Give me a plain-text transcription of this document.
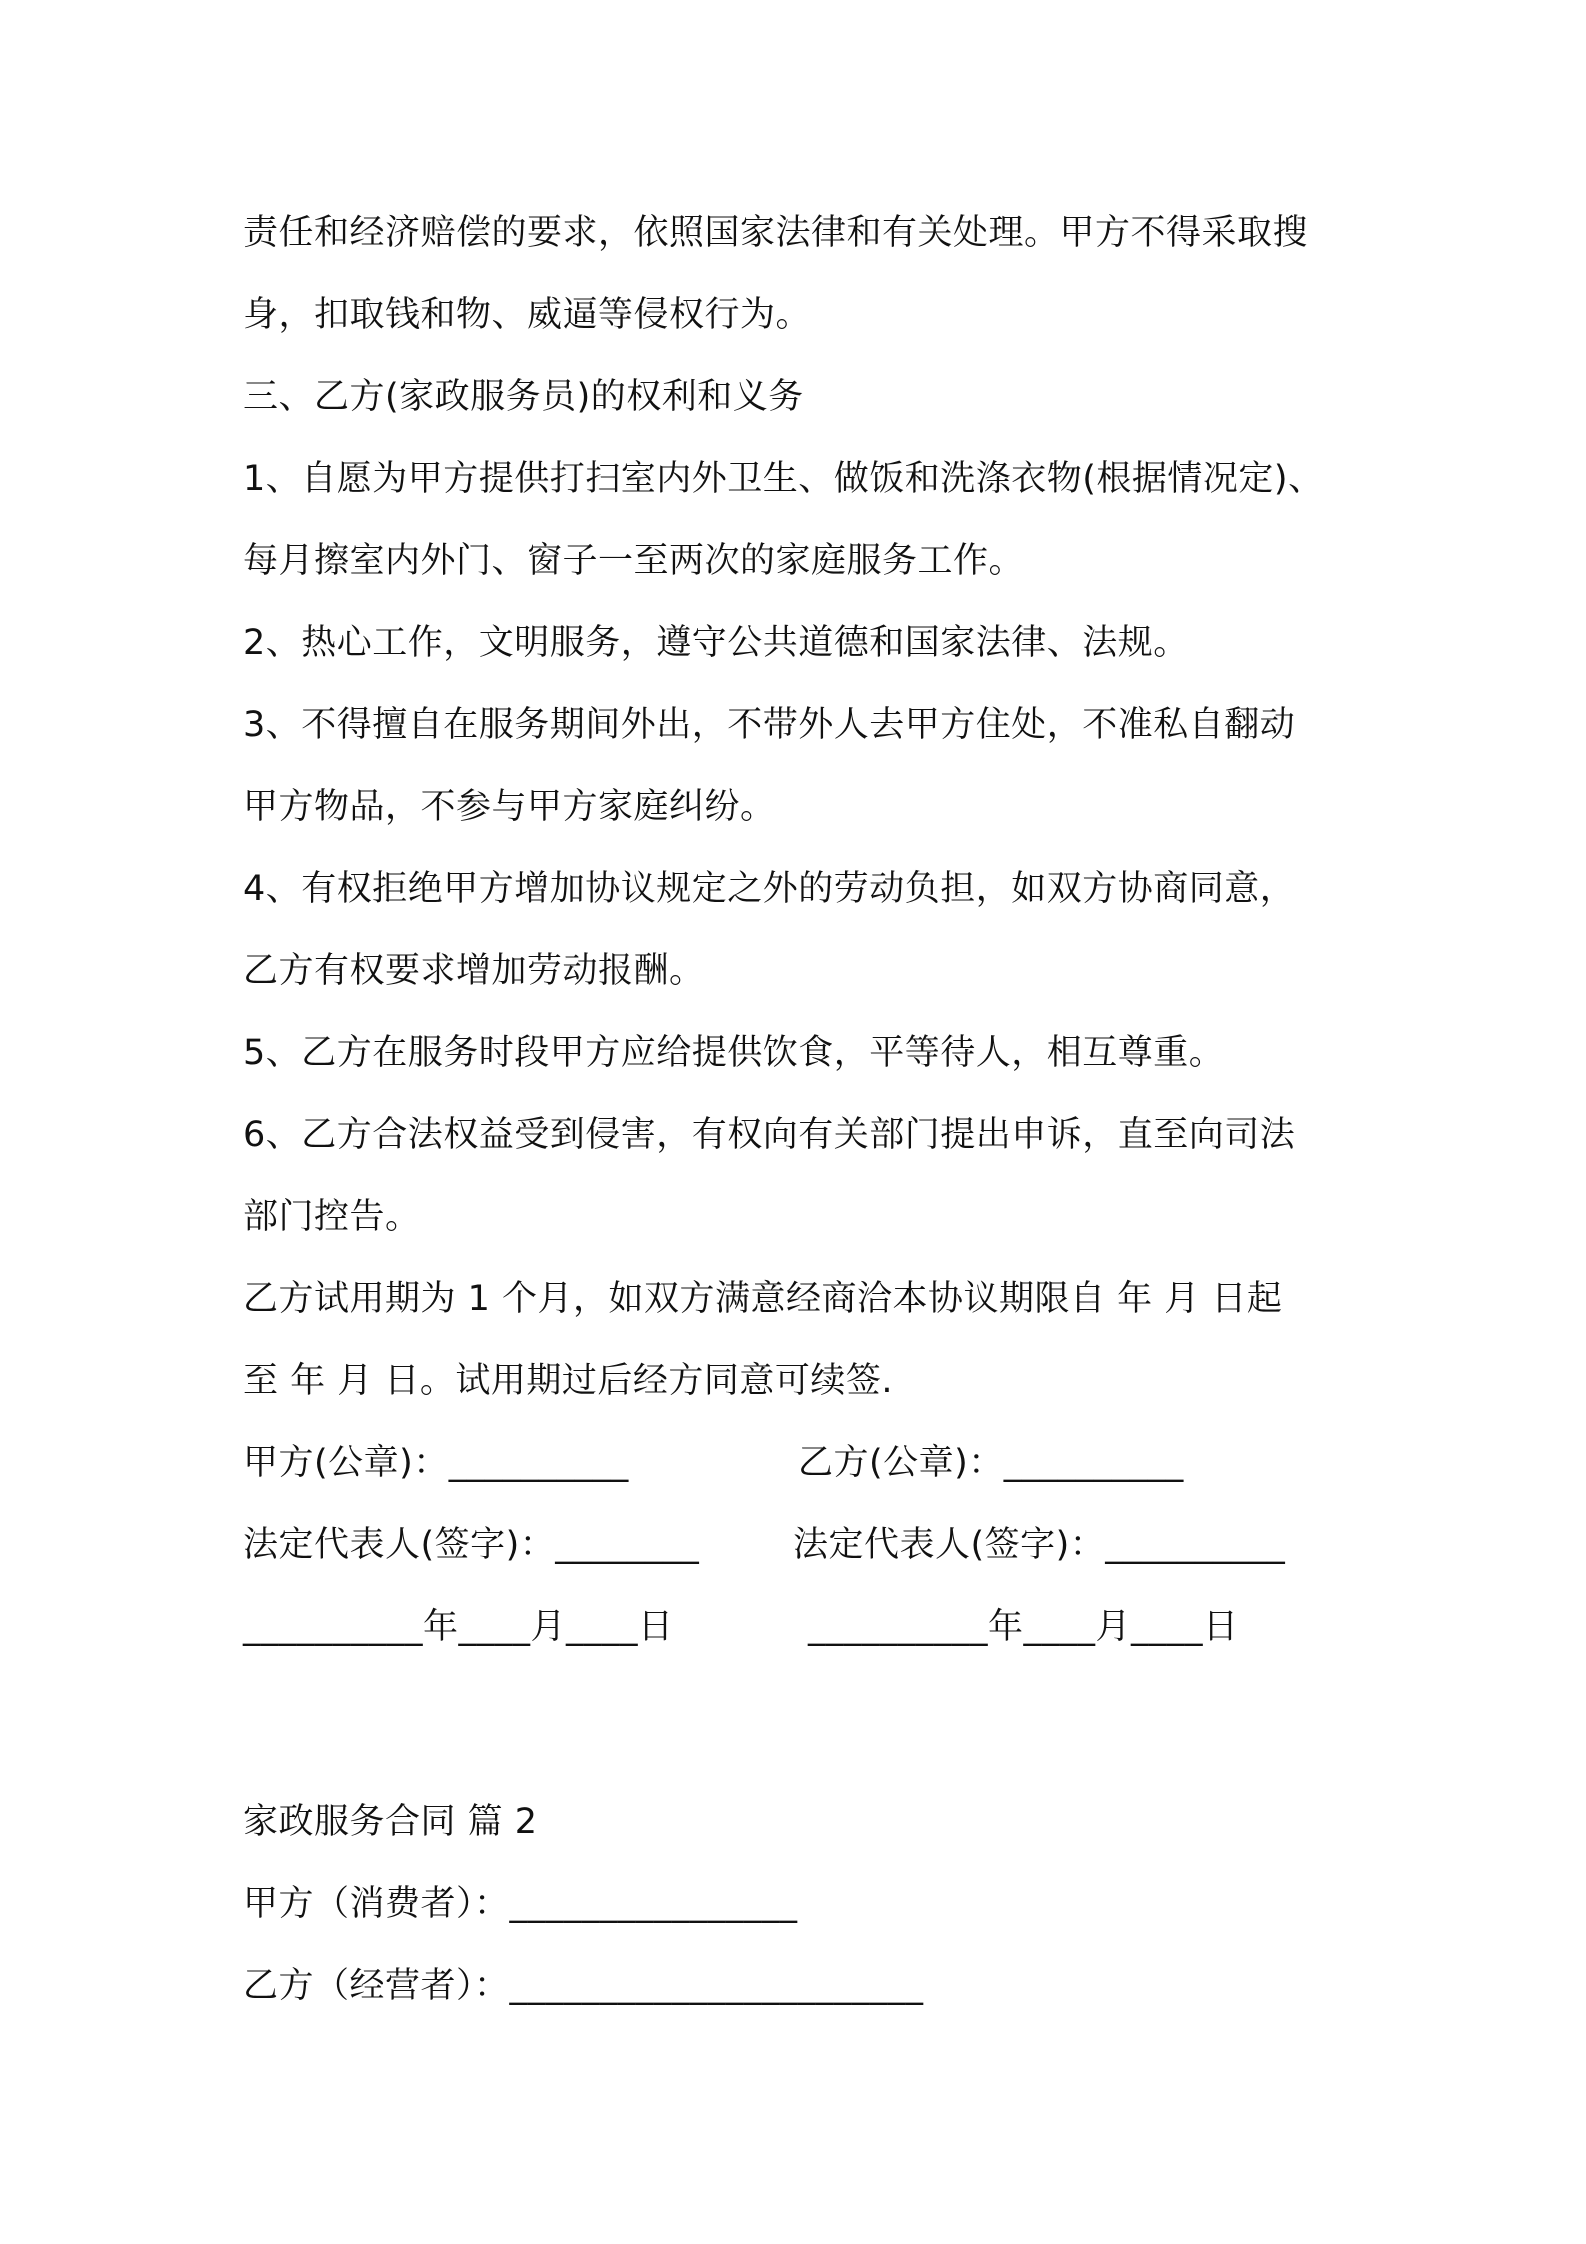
责任和经济赔偿的要求，依照国家法律和有关处理。甲方不得采取搜
身，扣取钱和物、威逼等侵权行为。
三、乙方(家政服务员)的权利和义务
1、自愿为甲方提供打扫室内外卫生、做饭和洗涤衣物(根据情况定)、
每月擦室内外门、窗子一至两次的家庭服务工作。
2、热心工作，文明服务，遵守公共道德和国家法律、法规。
3、不得擅自在服务期间外出，不带外人去甲方住处，不准私自翻动
甲方物品，不参与甲方家庭纠纷。
4、有权拒绝甲方增加协议规定之外的劳动负担，如双方协商同意，
乙方有权要求增加劳动报酬。
5、乙方在服务时段甲方应给提供饮食，平等待人，相互尊重。
6、乙方合法权益受到侵害，有权向有关部门提出申诉，直至向司法
部门控告。
乙方试用期为 1 个月，如双方满意经商洽本协议期限自 年 月 日起
至 年 月 日。试用期过后经方同意可续签.
甲方(公章)：__________	乙方(公章)：__________
法定代表人(签字)：________	法定代表人(签字)：__________
__________年____月____日	__________年____月____日
家政服务合同 篇 2
甲方（消费者）：________________
乙方（经营者）：_______________________
